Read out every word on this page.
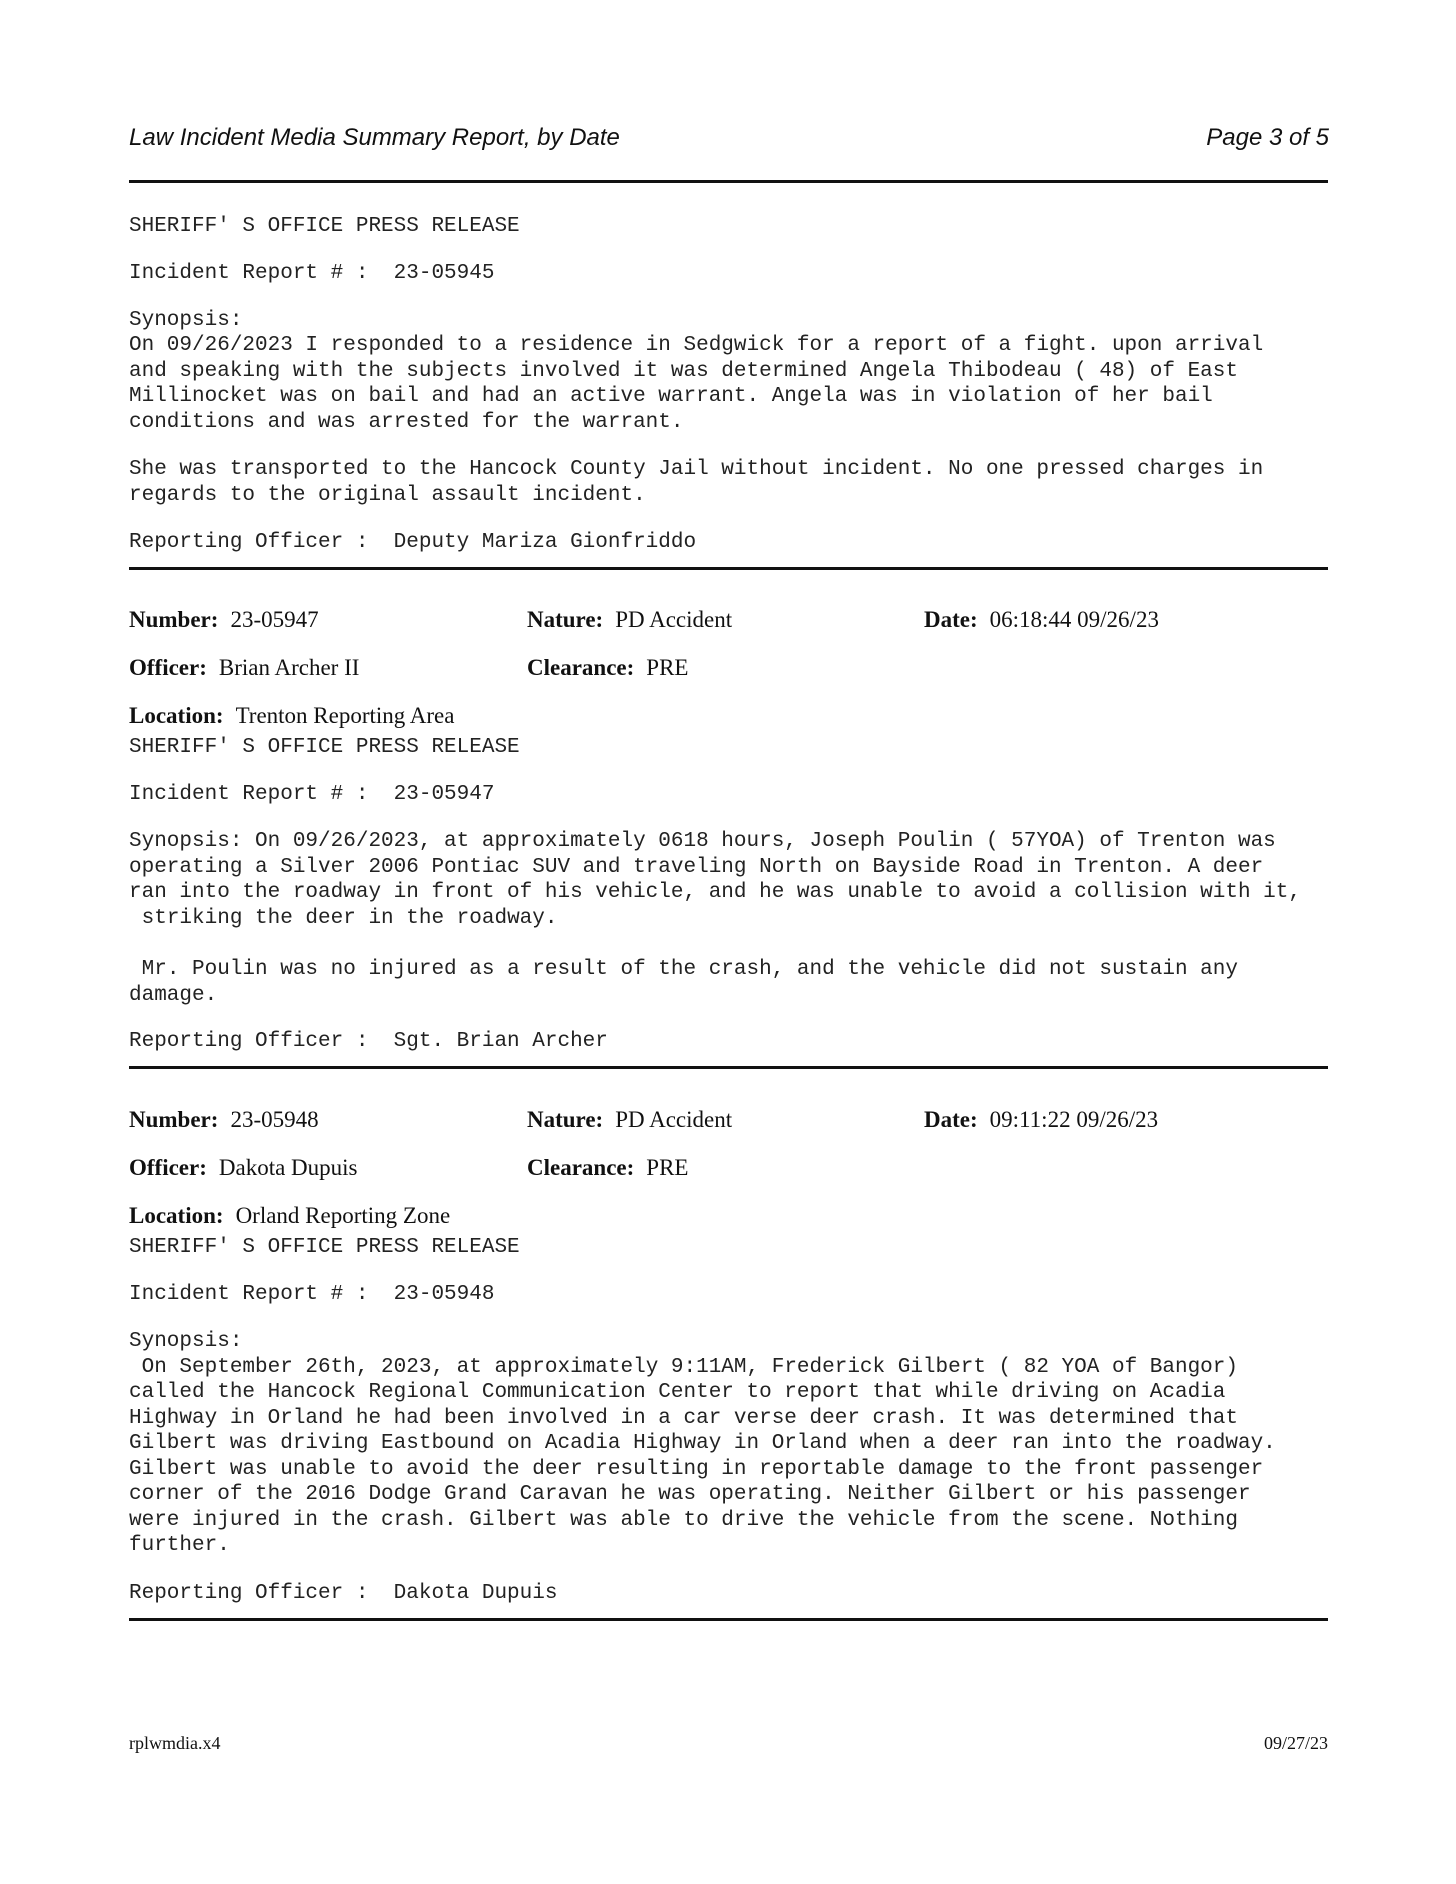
Law Incident Media Summary Report, by Date	Page 3 of 5
SHERIFF' S OFFICE PRESS RELEASE
Incident Report # :  23-05945
Synopsis:
On 09/26/2023 I responded to a residence in Sedgwick for a report of a fight. upon arrival
and speaking with the subjects involved it was determined Angela Thibodeau ( 48) of East
Millinocket was on bail and had an active warrant. Angela was in violation of her bail
conditions and was arrested for the warrant.
She was transported to the Hancock County Jail without incident. No one pressed charges in
regards to the original assault incident.
Reporting Officer :  Deputy Mariza Gionfriddo
Number: 23-05947	Nature: PD Accident	Date: 06:18:44 09/26/23
Officer: Brian Archer II	Clearance: PRE
Location: Trenton Reporting Area
SHERIFF' S OFFICE PRESS RELEASE
Incident Report # :  23-05947
Synopsis: On 09/26/2023, at approximately 0618 hours, Joseph Poulin ( 57YOA) of Trenton was
operating a Silver 2006 Pontiac SUV and traveling North on Bayside Road in Trenton. A deer
ran into the roadway in front of his vehicle, and he was unable to avoid a collision with it,
striking the deer in the roadway.
Mr. Poulin was no injured as a result of the crash, and the vehicle did not sustain any
damage.
Reporting Officer :  Sgt. Brian Archer
Number: 23-05948	Nature: PD Accident	Date: 09:11:22 09/26/23
Officer: Dakota Dupuis	Clearance: PRE
Location: Orland Reporting Zone
SHERIFF' S OFFICE PRESS RELEASE
Incident Report # :  23-05948
Synopsis:
On September 26th, 2023, at approximately 9:11AM, Frederick Gilbert ( 82 YOA of Bangor)
called the Hancock Regional Communication Center to report that while driving on Acadia
Highway in Orland he had been involved in a car verse deer crash. It was determined that
Gilbert was driving Eastbound on Acadia Highway in Orland when a deer ran into the roadway.
Gilbert was unable to avoid the deer resulting in reportable damage to the front passenger
corner of the 2016 Dodge Grand Caravan he was operating. Neither Gilbert or his passenger
were injured in the crash. Gilbert was able to drive the vehicle from the scene. Nothing
further.
Reporting Officer :  Dakota Dupuis
rplwmdia.x4	09/27/23
